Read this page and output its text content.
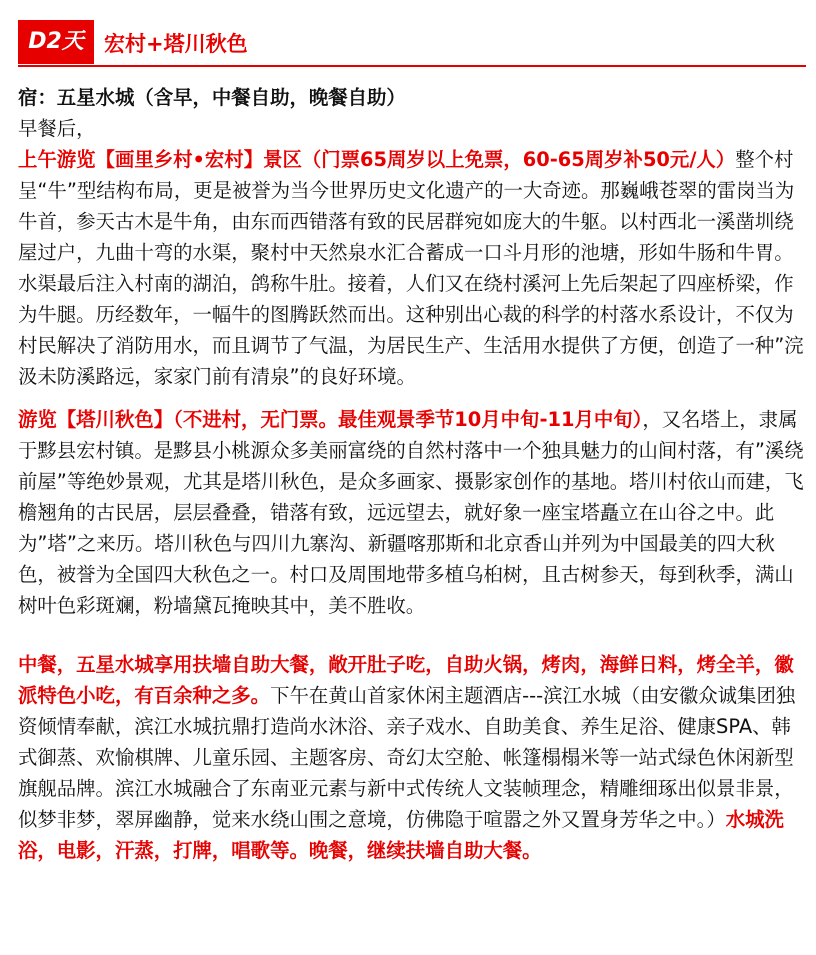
D2天 宏村+塔川秋色

宿：五星水城（含早，中餐自助，晚餐自助）

早餐后，上午游览【画里乡村•宏村】景区（门票65周岁以上免票，60-65周岁补50元/人）整个村呈“牛”型结构布局，更是被誉为当今世界历史文化遗产的一大奇迹。那巍峨苍翠的雷岗当为牛首，参天古木是牛角，由东而西错落有致的民居群宛如庞大的牛躯。以村西北一溪凿圳绕屋过户，九曲十弯的水渠，聚村中天然泉水汇合蓄成一口斗月形的池塘，形如牛肠和牛胃。水渠最后注入村南的湖泊，鸽称牛肚。接着，人们又在绕村溪河上先后架起了四座桥梁，作为牛腿。历经数年，一幅牛的图腾跃然而出。这种别出心裁的科学的村落水系设计，不仅为村民解决了消防用水，而且调节了气温，为居民生产、生活用水提供了方便，创造了一种”浣汲未防溪路远，家家门前有清泉”的良好环境。

游览【塔川秋色】（不进村，无门票。最佳观景季节10月中旬-11月中旬），又名塔上，隶属于黟县宏村镇。是黟县小桃源众多美丽富绕的自然村落中一个独具魅力的山间村落，有”溪绕前屋”等绝妙景观，尤其是塔川秋色，是众多画家、摄影家创作的基地。塔川村依山而建，飞檐翘角的古民居，层层叠叠，错落有致，远远望去，就好象一座宝塔矗立在山谷之中。此为”塔”之来历。塔川秋色与四川九寨沟、新疆喀那斯和北京香山并列为中国最美的四大秋色，被誉为全国四大秋色之一。村口及周围地带多植乌桕树，且古树参天，每到秋季，满山树叶色彩斑斓，粉墙黛瓦掩映其中，美不胜收。

中餐，五星水城享用扶墙自助大餐，敞开肚子吃，自助火锅，烤肉，海鲜日料，烤全羊，徽派特色小吃，有百余种之多。下午在黄山首家休闲主题酒店---滨江水城（由安徽众诚集团独资倾情奉献，滨江水城抗鼎打造尚水沐浴、亲子戏水、自助美食、养生足浴、健康SPA、韩式御蒸、欢愉棋牌、儿童乐园、主题客房、奇幻太空舱、帐篷榻榻米等一站式绿色休闲新型旗舰品牌。滨江水城融合了东南亚元素与新中式传统人文装帧理念，精雕细琢出似景非景，似梦非梦，翠屏幽静，觉来水绕山围之意境，仿佛隐于喧嚣之外又置身芳华之中。）水城洗浴，电影，汗蒸，打牌，唱歌等。晚餐，继续扶墙自助大餐。
